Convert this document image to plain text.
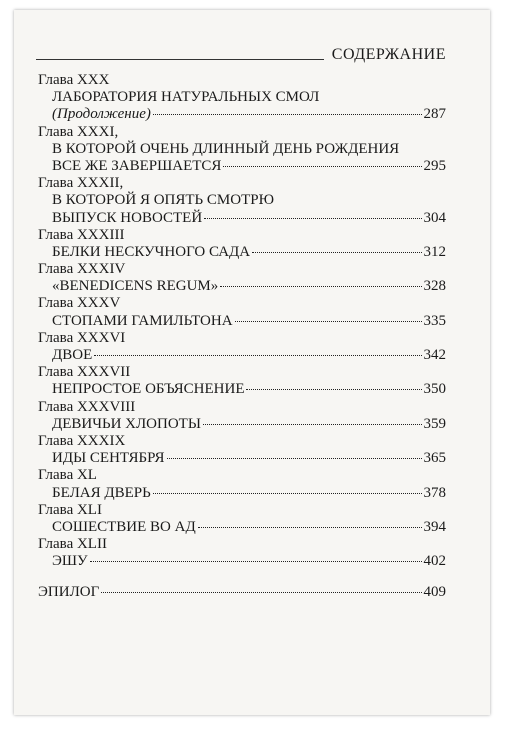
СОДЕРЖАНИЕ
Глава XXX
ЛАБОРАТОРИЯ НАТУРАЛЬНЫХ СМОЛ
(Продолжение)	287
Глава XXXI,
В КОТОРОЙ ОЧЕНЬ ДЛИННЫЙ ДЕНЬ РОЖДЕНИЯ
ВСЕ ЖЕ ЗАВЕРШАЕТСЯ	295
Глава XXXII,
В КОТОРОЙ Я ОПЯТЬ СМОТРЮ
ВЫПУСК НОВОСТЕЙ	304
Глава XXXIII
БЕЛКИ НЕСКУЧНОГО САДА	312
Глава XXXIV
«BENEDICENS REGUM»	328
Глава XXXV
СТОПАМИ ГАМИЛЬТОНА	335
Глава XXXVI
ДВОЕ	342
Глава XXXVII
НЕПРОСТОЕ ОБЪЯСНЕНИЕ	350
Глава XXXVIII
ДЕВИЧЬИ ХЛОПОТЫ	359
Глава XXXIX
ИДЫ СЕНТЯБРЯ	365
Глава XL
БЕЛАЯ ДВЕРЬ	378
Глава XLI
СОШЕСТВИЕ ВО АД	394
Глава XLII
ЭШУ	402
ЭПИЛОГ	409
